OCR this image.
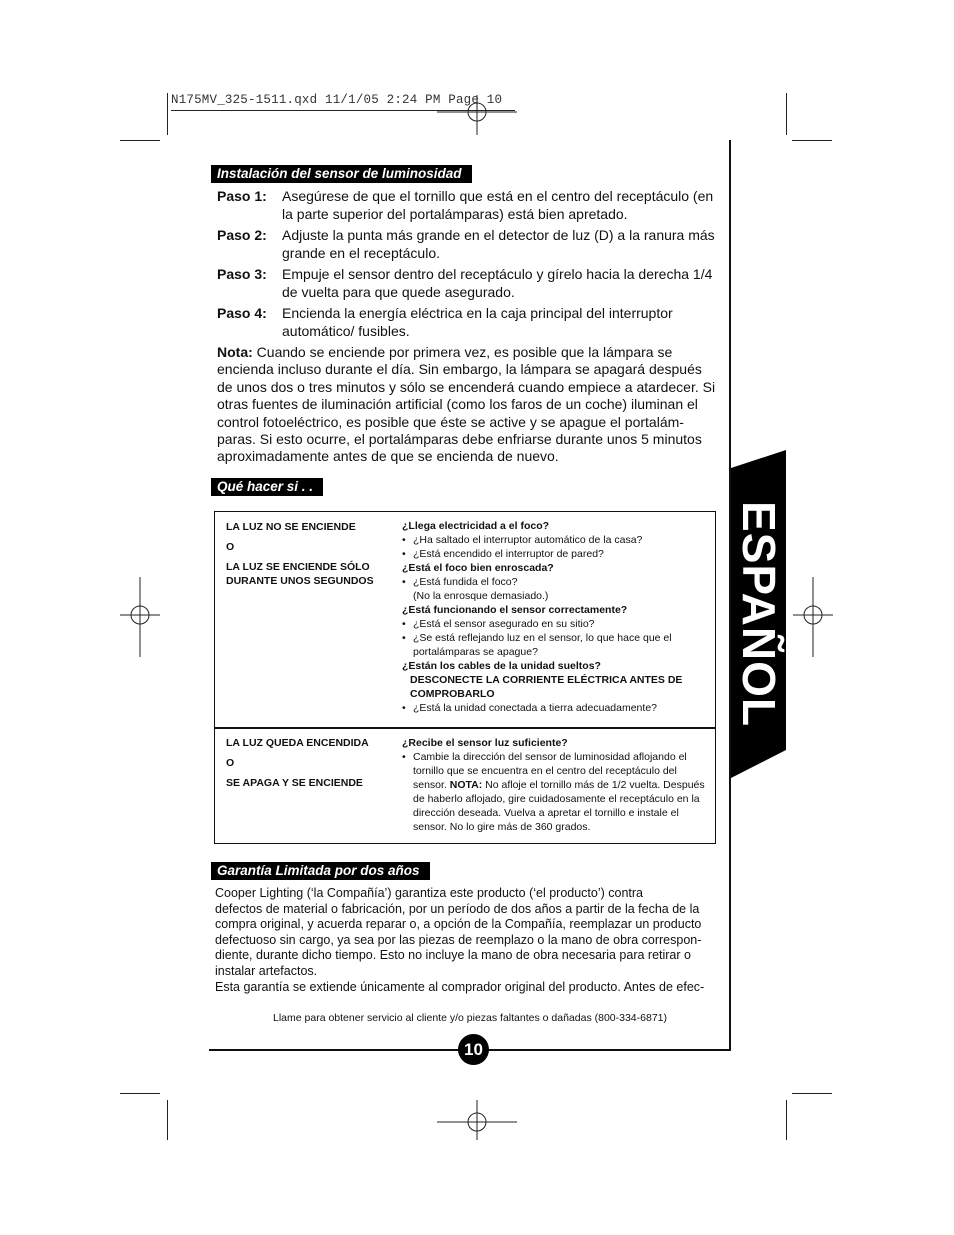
N175MV_325-1511.qxd 11/1/05 2:24 PM Page 10
ESPAÑOL
Instalación del sensor de luminosidad
Paso 1: Asegúrese de que el tornillo que está en el centro del receptáculo (en la parte superior del portalámparas) está bien apretado.
Paso 2: Adjuste la punta más grande en el detector de luz (D) a la ranura más grande en el receptáculo.
Paso 3: Empuje el sensor dentro del receptáculo y gírelo hacia la derecha 1/4 de vuelta para que quede asegurado.
Paso 4: Encienda la energía eléctrica en la caja principal del interruptor automático/ fusibles.
Nota: Cuando se enciende por primera vez, es posible que la lámpara se encienda incluso durante el día. Sin embargo, la lámpara se apagará después de unos dos o tres minutos y sólo se encenderá cuando empiece a atardecer. Si otras fuentes de iluminación artificial (como los faros de un coche) iluminan el control fotoeléctrico, es posible que éste se active y se apague el portalám-paras. Si esto ocurre, el portalámparas debe enfriarse durante unos 5 minutos aproximadamente antes de que se encienda de nuevo.
Qué hacer si . .
LA LUZ NO SE ENCIENDE
O
LA LUZ SE ENCIENDE SÓLO DURANTE UNOS SEGUNDOS
¿Llega electricidad a el foco?
• ¿Ha saltado el interruptor automático de la casa?
• ¿Está encendido el interruptor de pared?
¿Está el foco bien enroscada?
• ¿Está fundida el foco?
(No la enrosque demasiado.)
¿Está funcionando el sensor correctamente?
• ¿Está el sensor asegurado en su sitio?
• ¿Se está reflejando luz en el sensor, lo que hace que el portalámparas se apague?
¿Están los cables de la unidad sueltos?
DESCONECTE LA CORRIENTE ELÉCTRICA ANTES DE COMPROBARLO
• ¿Está la unidad conectada a tierra adecuadamente?
LA LUZ QUEDA ENCENDIDA
O
SE APAGA Y SE ENCIENDE
¿Recibe el sensor luz suficiente?
• Cambie la dirección del sensor de luminosidad aflojando el tornillo que se encuentra en el centro del receptáculo del sensor. NOTA: No afloje el tornillo más de 1/2 vuelta. Después de haberlo aflojado, gire cuidadosamente el receptáculo en la dirección deseada. Vuelva a apretar el tornillo e instale el sensor. No lo gire más de 360 grados.
Garantía Limitada por dos años
Cooper Lighting (‘la Compañía’) garantiza este producto (‘el producto’) contra
defectos de material o fabricación, por un período de dos años a partir de la fecha de la compra original, y acuerda reparar o, a opción de la Compañía, reemplazar un producto defectuoso sin cargo, ya sea por las piezas de reemplazo o la mano de obra correspon-diente, durante dicho tiempo. Esto no incluye la mano de obra necesaria para retirar o instalar artefactos.
Esta garantía se extiende únicamente al comprador original del producto. Antes de efec-
Llame para obtener servicio al cliente y/o piezas faltantes o dañadas (800-334-6871)
10
